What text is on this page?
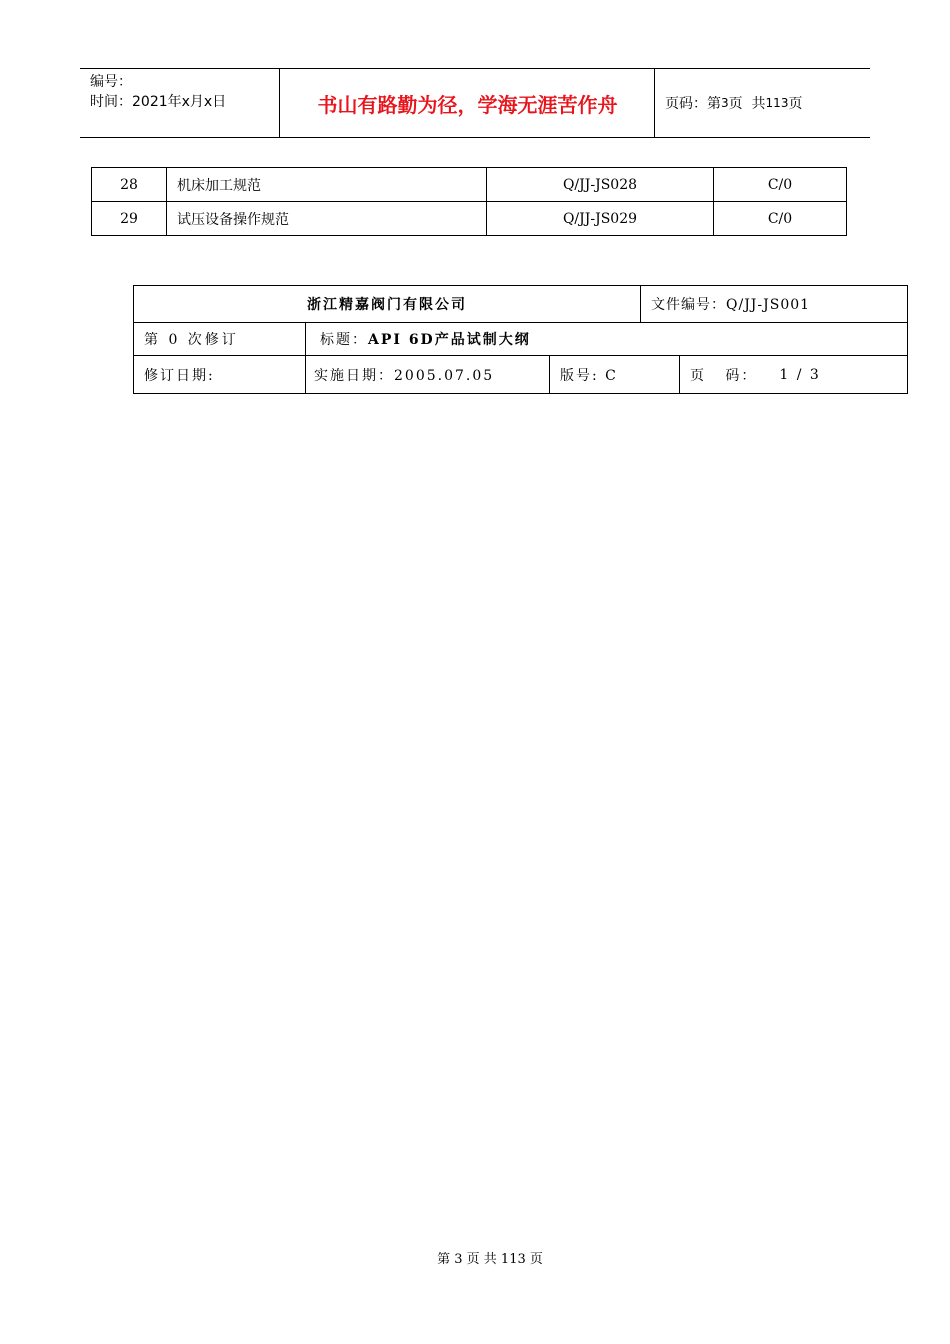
编号：
时间：2021年x月x日	书山有路勤为径，学海无涯苦作舟	页码：第 3 页  共 113 页
28	机床加工规范	Q/JJ-JS028	C/0
29	试压设备操作规范	Q/JJ-JS029	C/0
浙江精嘉阀门有限公司	文件编号：Q/JJ-JS001
第 0 次修订	标题： API 6D产品试制大纲
修订日期:	实施日期：2005.07.05	版号: C	页   码： 1 / 3
第 3 页 共 113 页
